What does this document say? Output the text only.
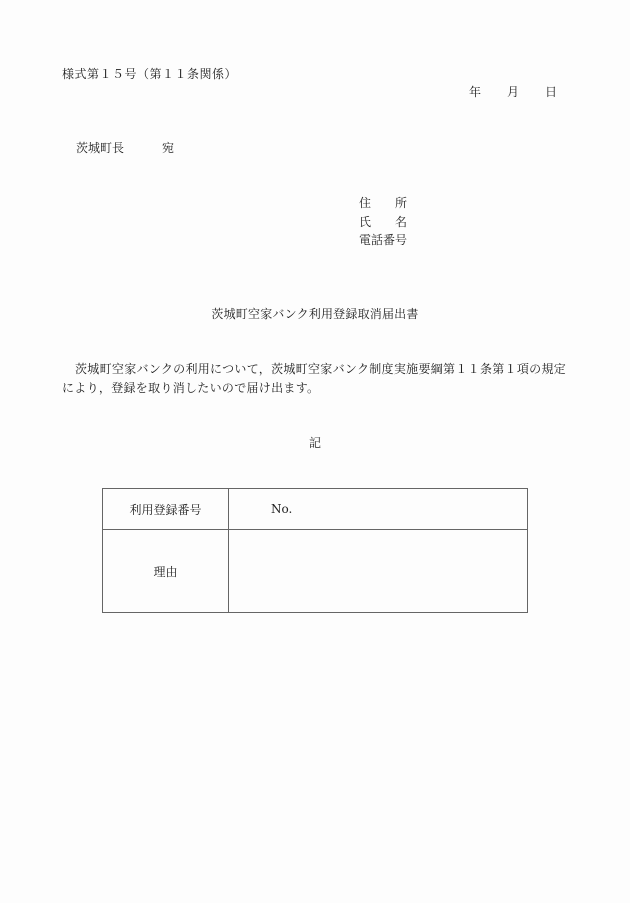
様式第１５号（第１１条関係）
年	月	日
茨城町長	宛
住 所
氏 名
電話番号
茨城町空家バンク利用登録取消届出書
茨城町空家バンクの利用について，茨城町空家バンク制度実施要綱第１１条第１項の規定により，登録を取り消したいので届け出ます。
記
利用登録番号	No.
理由	
